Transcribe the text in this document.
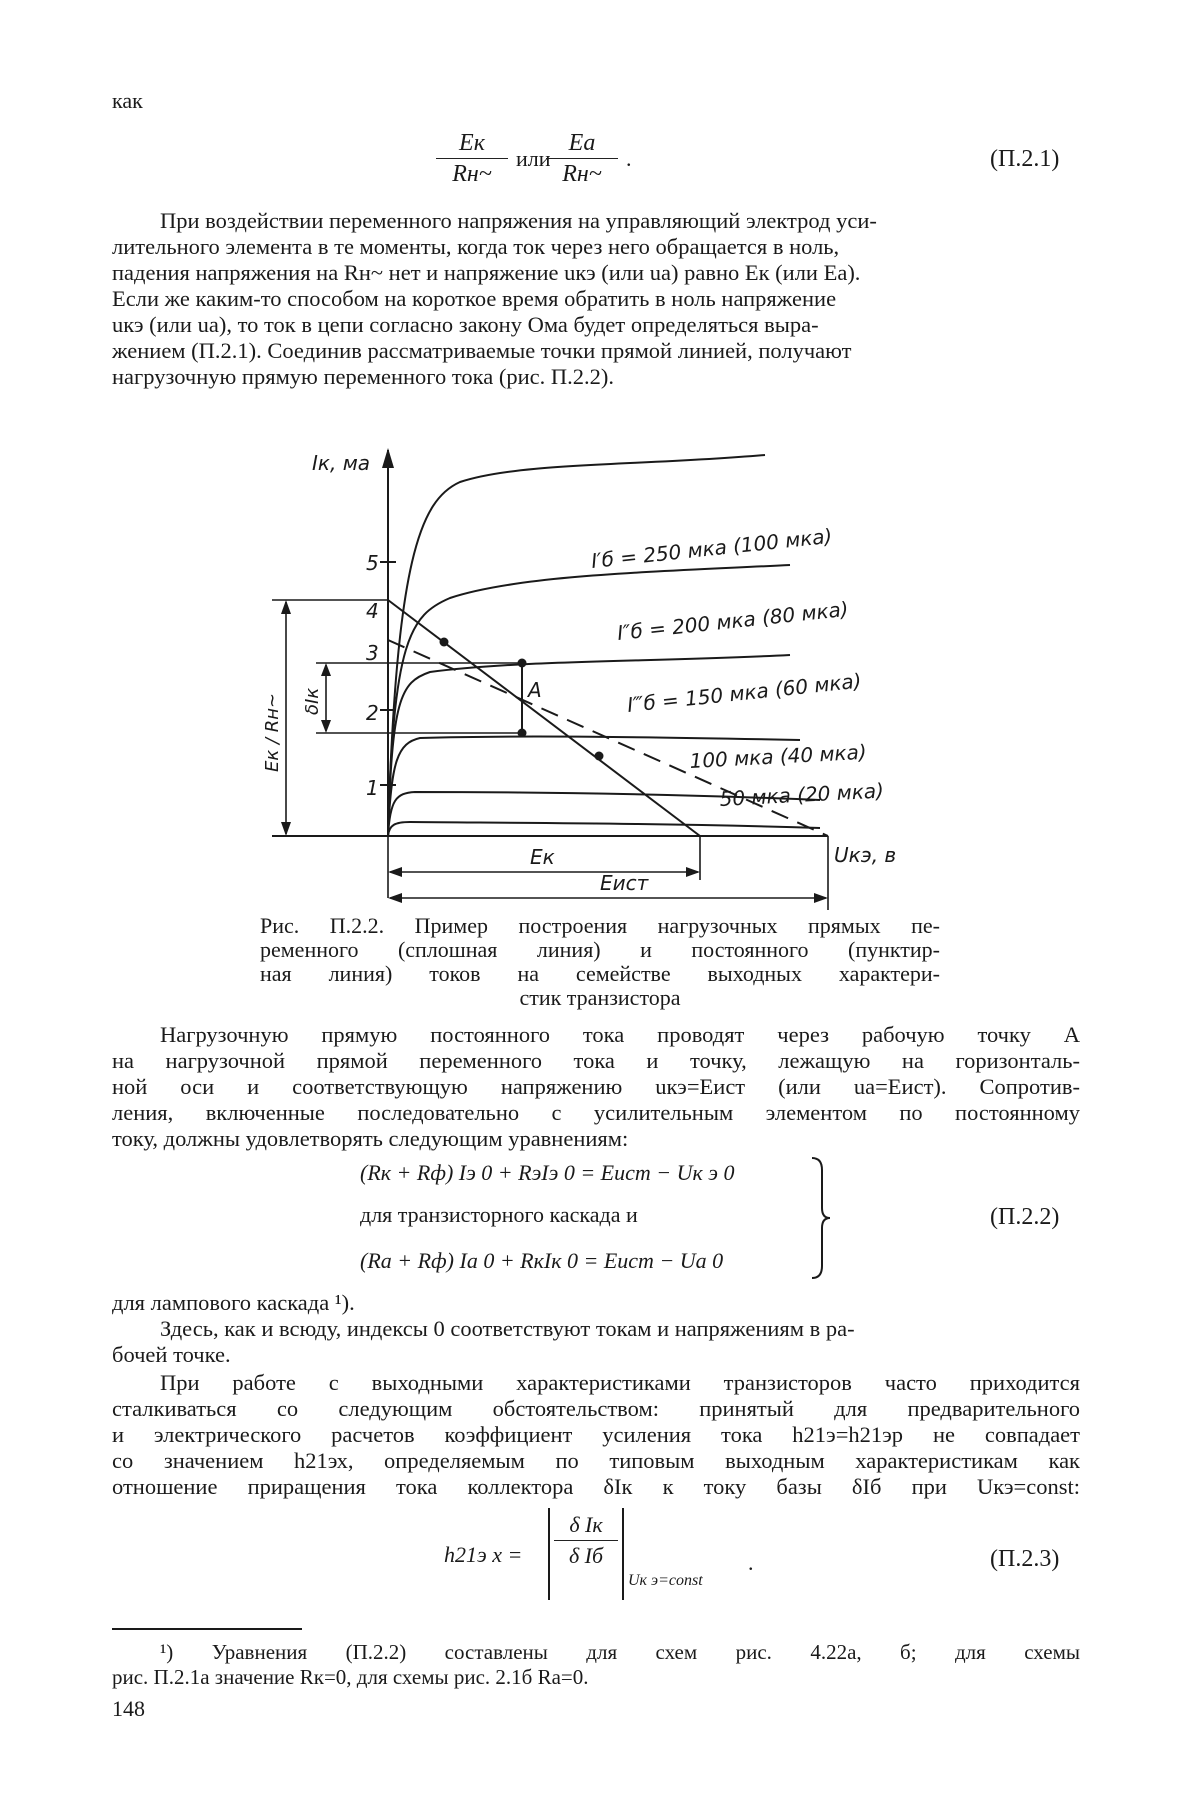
как
Eк
Rн~
или
Eа
Rн~
.	(П.2.1)
При воздействии переменного напряжения на управляющий электрод уси-
лительного элемента в те моменты, когда ток через него обращается в ноль,
падения напряжения на Rн~ нет и напряжение uкэ (или uа) равно Eк (или Eа).
Если же каким-то способом на короткое время обратить в ноль напряжение
uкэ (или uа), то ток в цепи согласно закону Ома будет определяться выра-
жением (П.2.1). Соединив рассматриваемые точки прямой линией, получают
нагрузочную прямую переменного тока (рис. П.2.2).
Iк, ма
5
4
3
2
1
I′б = 250 мка (100 мка)
I″б = 200 мка (80 мка)
I‴б = 150 мка (60 мка)
100 мка (40 мка)
50 мка (20 мка)
A
Uкэ, в
Eк / Rн~ δIк
Eк
Eист
Рис. П.2.2. Пример построения нагрузочных прямых пе-
ременного (сплошная линия) и постоянного (пунктир-
ная линия) токов на семействе выходных характери-
стик транзистора
Нагрузочную прямую постоянного тока проводят через рабочую точку A
на нагрузочной прямой переменного тока и точку, лежащую на горизонталь-
ной оси и соответствующую напряжению uкэ=Eист (или uа=Eист). Сопротив-
ления, включенные последовательно с усилительным элементом по постоянному
току, должны удовлетворять следующим уравнениям:
(Rк + Rф) Iэ 0 + RэIэ 0 = Eист − Uк э 0
для транзисторного каскада и
(Rа + Rф) Iа 0 + RкIк 0 = Eист − Uа 0
(П.2.2)
для лампового каскада ¹).
Здесь, как и всюду, индексы 0 соответствуют токам и напряжениям в ра-
бочей точке.
При работе с выходными характеристиками транзисторов часто приходится
сталкиваться со следующим обстоятельством: принятый для предварительного
и электрического расчетов коэффициент усиления тока h21э=h21эр не совпадает
со значением h21эх, определяемым по типовым выходным характеристикам как
отношение приращения тока коллектора δIк к току базы δIб при Uкэ=const:
h21э х =
δ Iк
δ Iб
Uк э=const
.	(П.2.3)
¹) Уравнения (П.2.2) составлены для схем рис. 4.22а, б; для схемы
рис. П.2.1а значение Rк=0, для схемы рис. 2.1б Rа=0.
148
